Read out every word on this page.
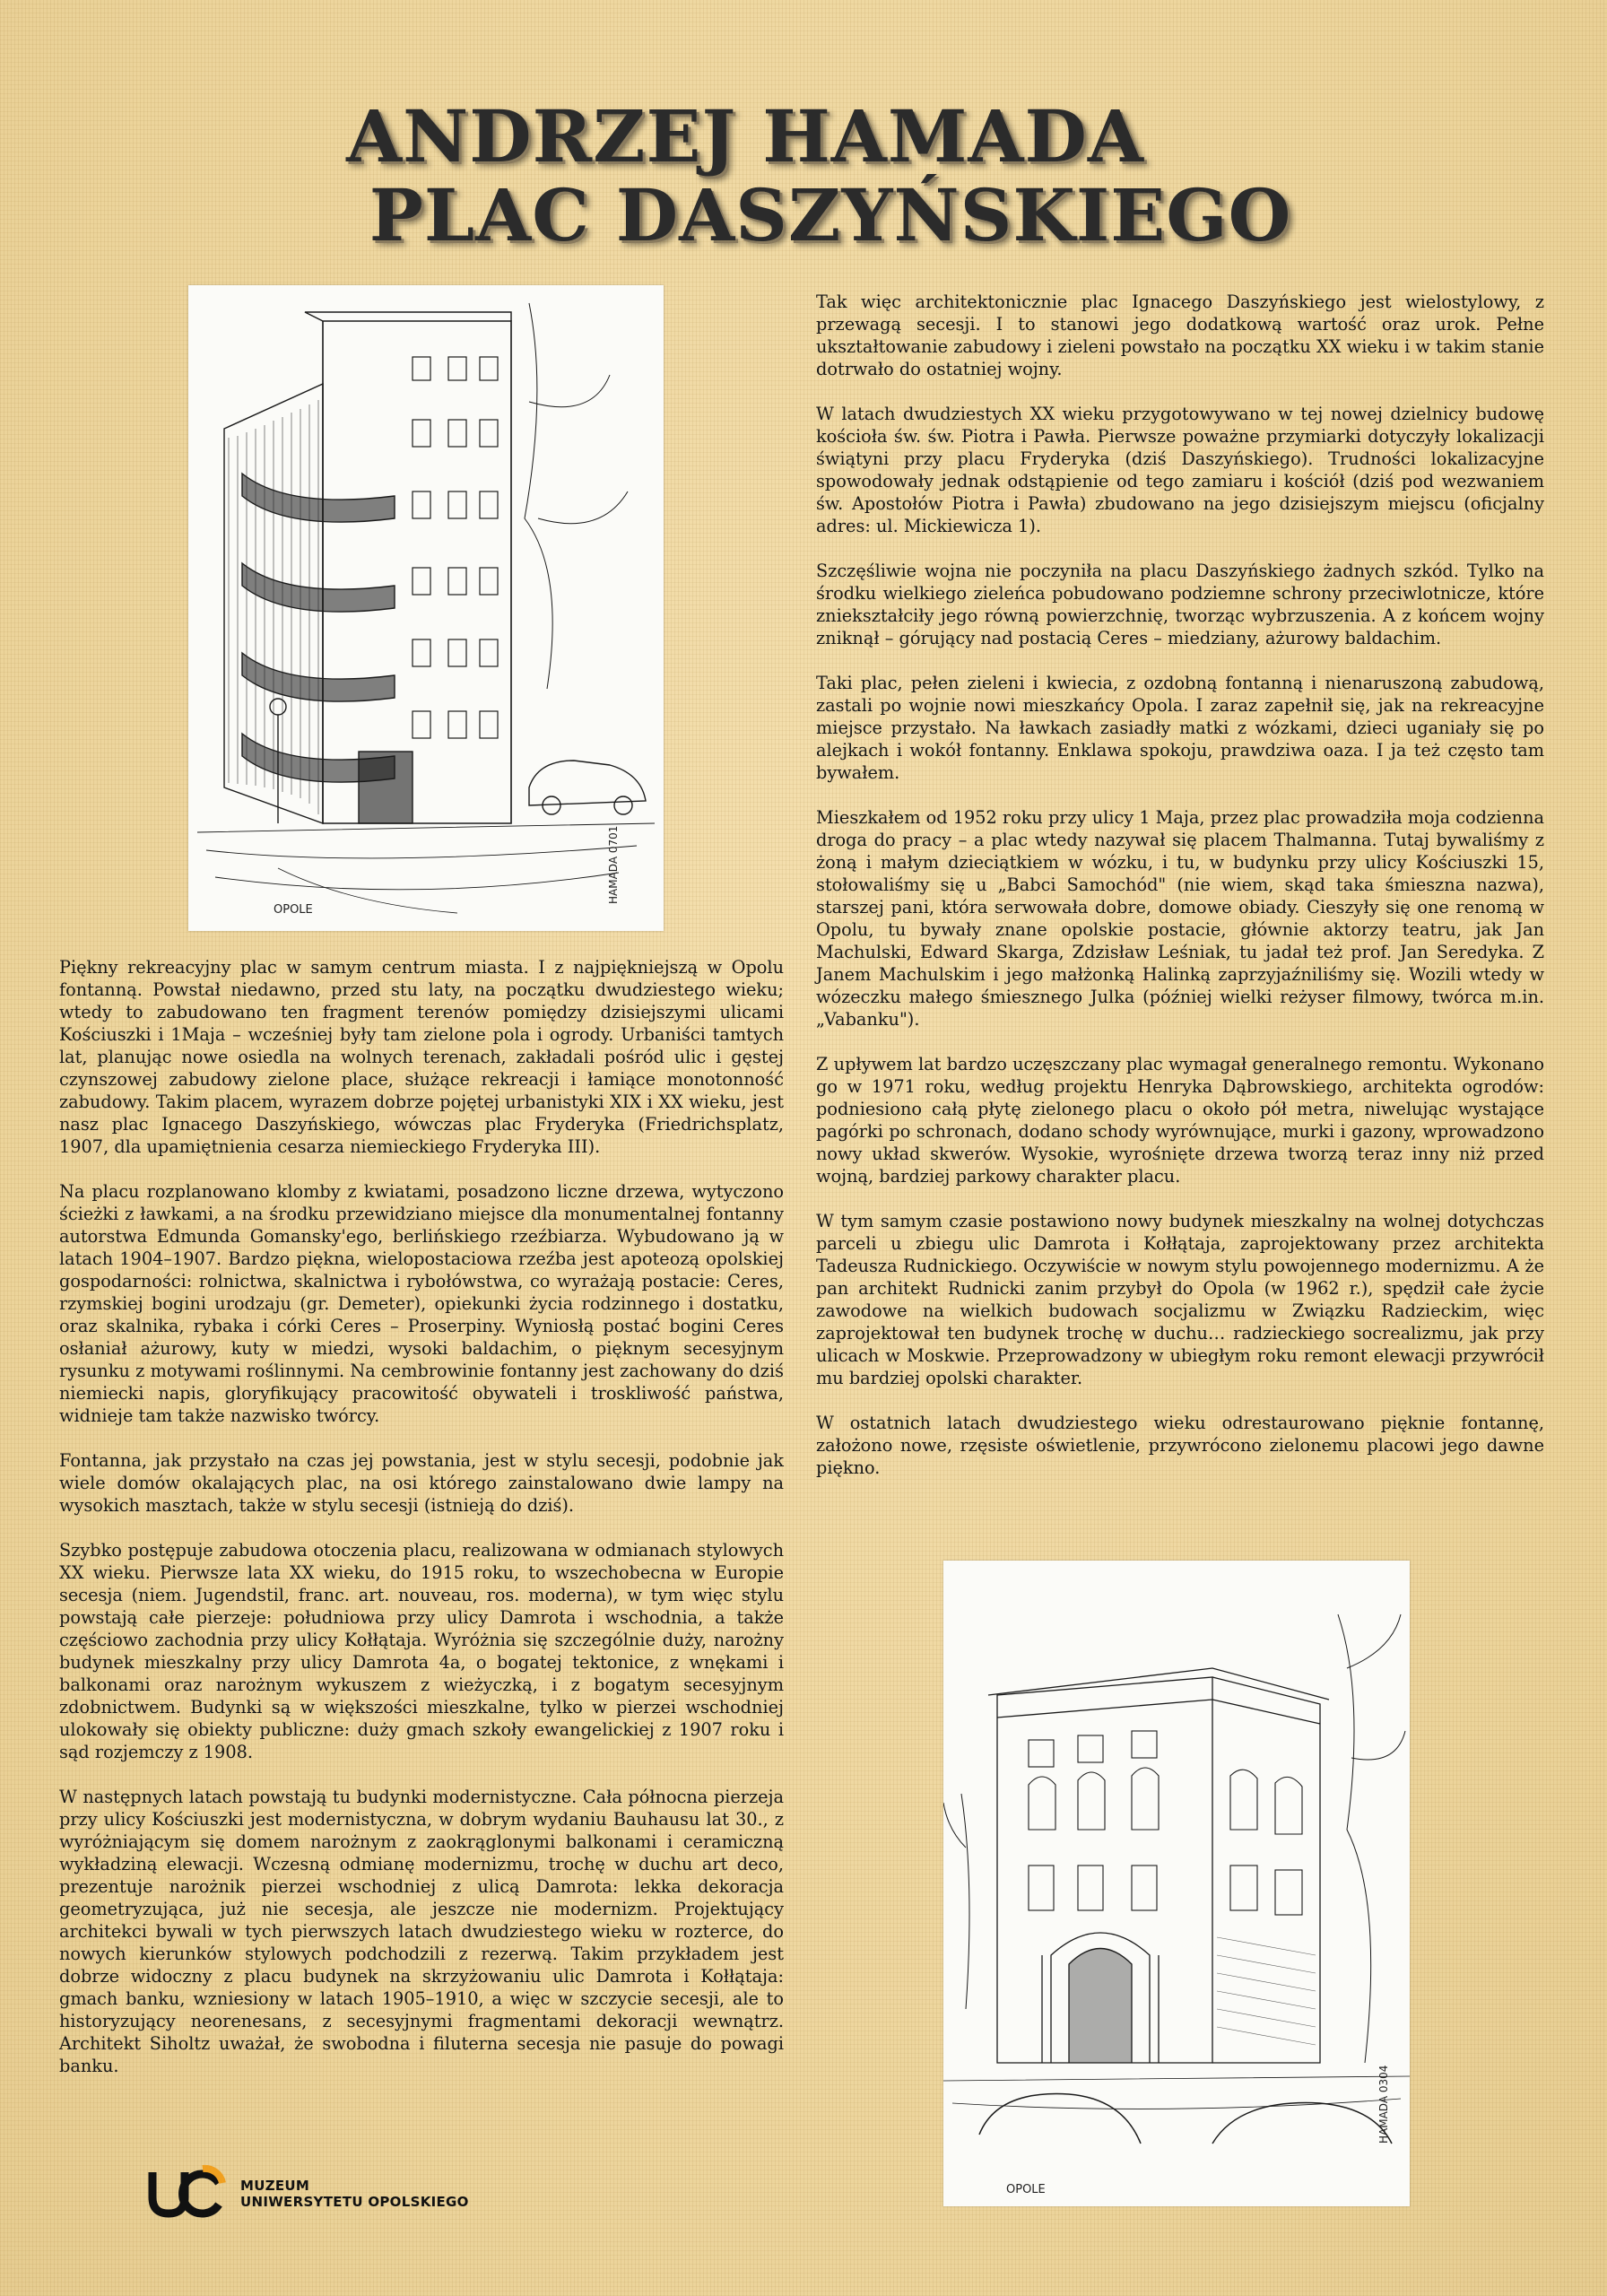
ANDRZEJ HAMADA
PLAC DASZYŃSKIEGO
OPOLE
HAMADA 0701
OPOLE
HAMADA 0304

Piękny rekreacyjny plac w samym centrum miasta. I z najpiękniejszą w Opolu fontanną. Powstał niedawno, przed stu laty, na początku dwudziestego wieku; wtedy to zabudowano ten fragment terenów pomiędzy dzisiejszymi ulicami Kościuszki i 1Maja – wcześniej były tam zielone pola i ogrody. Urbaniści tamtych lat, planując nowe osiedla na wolnych terenach, zakładali pośród ulic i gęstej czynszowej zabudowy zielone place, służące rekreacji i łamiące monotonność zabudowy. Takim placem, wyrazem dobrze pojętej urbanistyki XIX i XX wieku, jest nasz plac Ignacego Daszyńskiego, wówczas plac Fryderyka (Friedrichsplatz, 1907, dla upamiętnienia cesarza niemieckiego Fryderyka III).

Na placu rozplanowano klomby z kwiatami, posadzono liczne drzewa, wytyczono ścieżki z ławkami, a na środku przewidziano miejsce dla monumentalnej fontanny autorstwa Edmunda Gomansky'ego, berlińskiego rzeźbiarza. Wybudowano ją w latach 1904–1907. Bardzo piękna, wielopostaciowa rzeźba jest apoteozą opolskiej gospodarności: rolnictwa, skalnictwa i rybołówstwa, co wyrażają postacie: Ceres, rzymskiej bogini urodzaju (gr. Demeter), opiekunki życia rodzinnego i dostatku, oraz skalnika, rybaka i córki Ceres – Proserpiny. Wyniosłą postać bogini Ceres osłaniał ażurowy, kuty w miedzi, wysoki baldachim, o pięknym secesyjnym rysunku z motywami roślinnymi. Na cembrowinie fontanny jest zachowany do dziś niemiecki napis, gloryfikujący pracowitość obywateli i troskliwość państwa, widnieje tam także nazwisko twórcy.

Fontanna, jak przystało na czas jej powstania, jest w stylu secesji, podobnie jak wiele domów okalających plac, na osi którego zainstalowano dwie lampy na wysokich masztach, także w stylu secesji (istnieją do dziś).

Szybko postępuje zabudowa otoczenia placu, realizowana w odmianach stylowych XX wieku. Pierwsze lata XX wieku, do 1915 roku, to wszechobecna w Europie secesja (niem. Jugendstil, franc. art. nouveau, ros. moderna), w tym więc stylu powstają całe pierzeje: południowa przy ulicy Damrota i wschodnia, a także częściowo zachodnia przy ulicy Kołłątaja. Wyróżnia się szczególnie duży, narożny budynek mieszkalny przy ulicy Damrota 4a, o bogatej tektonice, z wnękami i balkonami oraz narożnym wykuszem z wieżyczką, i z bogatym secesyjnym zdobnictwem. Budynki są w większości mieszkalne, tylko w pierzei wschodniej ulokowały się obiekty publiczne: duży gmach szkoły ewangelickiej z 1907 roku i sąd rozjemczy z 1908.

W następnych latach powstają tu budynki modernistyczne. Cała północna pierzeja przy ulicy Kościuszki jest modernistyczna, w dobrym wydaniu Bauhausu lat 30., z wyróżniającym się domem narożnym z zaokrąglonymi balkonami i ceramiczną wykładziną elewacji. Wczesną odmianę modernizmu, trochę w duchu art deco, prezentuje narożnik pierzei wschodniej z ulicą Damrota: lekka dekoracja geometryzująca, już nie secesja, ale jeszcze nie modernizm. Projektujący architekci bywali w tych pierwszych latach dwudziestego wieku w rozterce, do nowych kierunków stylowych podchodzili z rezerwą. Takim przykładem jest dobrze widoczny z placu budynek na skrzyżowaniu ulic Damrota i Kołłątaja: gmach banku, wzniesiony w latach 1905–1910, a więc w szczycie secesji, ale to historyzujący neorenesans, z secesyjnymi fragmentami dekoracji wewnątrz. Architekt Siholtz uważał, że swobodna i filuterna secesja nie pasuje do powagi banku.

Tak więc architektonicznie plac Ignacego Daszyńskiego jest wielostylowy, z przewagą secesji. I to stanowi jego dodatkową wartość oraz urok. Pełne ukształtowanie zabudowy i zieleni powstało na początku XX wieku i w takim stanie dotrwało do ostatniej wojny.

W latach dwudziestych XX wieku przygotowywano w tej nowej dzielnicy budowę kościoła św. św. Piotra i Pawła. Pierwsze poważne przymiarki dotyczyły lokalizacji świątyni przy placu Fryderyka (dziś Daszyńskiego). Trudności lokalizacyjne spowodowały jednak odstąpienie od tego zamiaru i kościół (dziś pod wezwaniem św. Apostołów Piotra i Pawła) zbudowano na jego dzisiejszym miejscu (oficjalny adres: ul. Mickiewicza 1).

Szczęśliwie wojna nie poczyniła na placu Daszyńskiego żadnych szkód. Tylko na środku wielkiego zieleńca pobudowano podziemne schrony przeciwlotnicze, które zniekształciły jego równą powierzchnię, tworząc wybrzuszenia. A z końcem wojny zniknął – górujący nad postacią Ceres – miedziany, ażurowy baldachim.

Taki plac, pełen zieleni i kwiecia, z ozdobną fontanną i nienaruszoną zabudową, zastali po wojnie nowi mieszkańcy Opola. I zaraz zapełnił się, jak na rekreacyjne miejsce przystało. Na ławkach zasiadły matki z wózkami, dzieci uganiały się po alejkach i wokół fontanny. Enklawa spokoju, prawdziwa oaza. I ja też często tam bywałem.

Mieszkałem od 1952 roku przy ulicy 1 Maja, przez plac prowadziła moja codzienna droga do pracy – a plac wtedy nazywał się placem Thalmanna. Tutaj bywaliśmy z żoną i małym dzieciątkiem w wózku, i tu, w budynku przy ulicy Kościuszki 15, stołowaliśmy się u „Babci Samochód" (nie wiem, skąd taka śmieszna nazwa), starszej pani, która serwowała dobre, domowe obiady. Cieszyły się one renomą w Opolu, tu bywały znane opolskie postacie, głównie aktorzy teatru, jak Jan Machulski, Edward Skarga, Zdzisław Leśniak, tu jadał też prof. Jan Seredyka. Z Janem Machulskim i jego małżonką Halinką zaprzyjaźniliśmy się. Wozili wtedy w wózeczku małego śmiesznego Julka (później wielki reżyser filmowy, twórca m.in. „Vabanku").

Z upływem lat bardzo uczęszczany plac wymagał generalnego remontu. Wykonano go w 1971 roku, według projektu Henryka Dąbrowskiego, architekta ogrodów: podniesiono całą płytę zielonego placu o około pół metra, niwelując wystające pagórki po schronach, dodano schody wyrównujące, murki i gazony, wprowadzono nowy układ skwerów. Wysokie, wyrośnięte drzewa tworzą teraz inny niż przed wojną, bardziej parkowy charakter placu.

W tym samym czasie postawiono nowy budynek mieszkalny na wolnej dotychczas parceli u zbiegu ulic Damrota i Kołłątaja, zaprojektowany przez architekta Tadeusza Rudnickiego. Oczywiście w nowym stylu powojennego modernizmu. A że pan architekt Rudnicki zanim przybył do Opola (w 1962 r.), spędził całe życie zawodowe na wielkich budowach socjalizmu w Związku Radzieckim, więc zaprojektował ten budynek trochę w duchu… radzieckiego socrealizmu, jak przy ulicach w Moskwie. Przeprowadzony w ubiegłym roku remont elewacji przywrócił mu bardziej opolski charakter.

W ostatnich latach dwudziestego wieku odrestaurowano pięknie fontannę, założono nowe, rzęsiste oświetlenie, przywrócono zielonemu placowi jego dawne piękno.

MUZEUM
UNIWERSYTETU OPOLSKIEGO
